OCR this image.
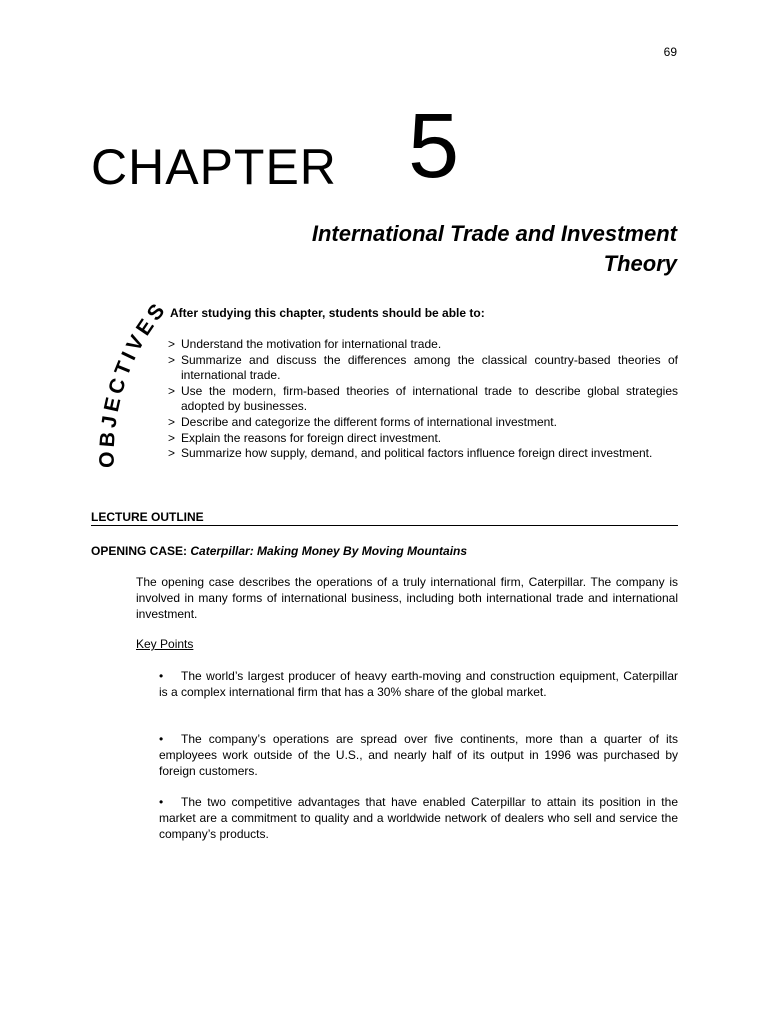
69
CHAPTER 5
International Trade and Investment Theory
OBJECTIVES
After studying this chapter, students should be able to:
> Understand the motivation for international trade.
> Summarize and discuss the differences among the classical country-based theories of international trade.
> Use the modern, firm-based theories of international trade to describe global strategies adopted by businesses.
> Describe and categorize the different forms of international investment.
> Explain the reasons for foreign direct investment.
> Summarize how supply, demand, and political factors influence foreign direct investment.
LECTURE OUTLINE
OPENING CASE: Caterpillar: Making Money By Moving Mountains

The opening case describes the operations of a truly international firm, Caterpillar. The company is involved in many forms of international business, including both international trade and international investment.

Key Points

• The world’s largest producer of heavy earth-moving and construction equipment, Caterpillar is a complex international firm that has a 30% share of the global market.

• The company’s operations are spread over five continents, more than a quarter of its employees work outside of the U.S., and nearly half of its output in 1996 was purchased by foreign customers.

• The two competitive advantages that have enabled Caterpillar to attain its position in the market are a commitment to quality and a worldwide network of dealers who sell and service the company’s products.
